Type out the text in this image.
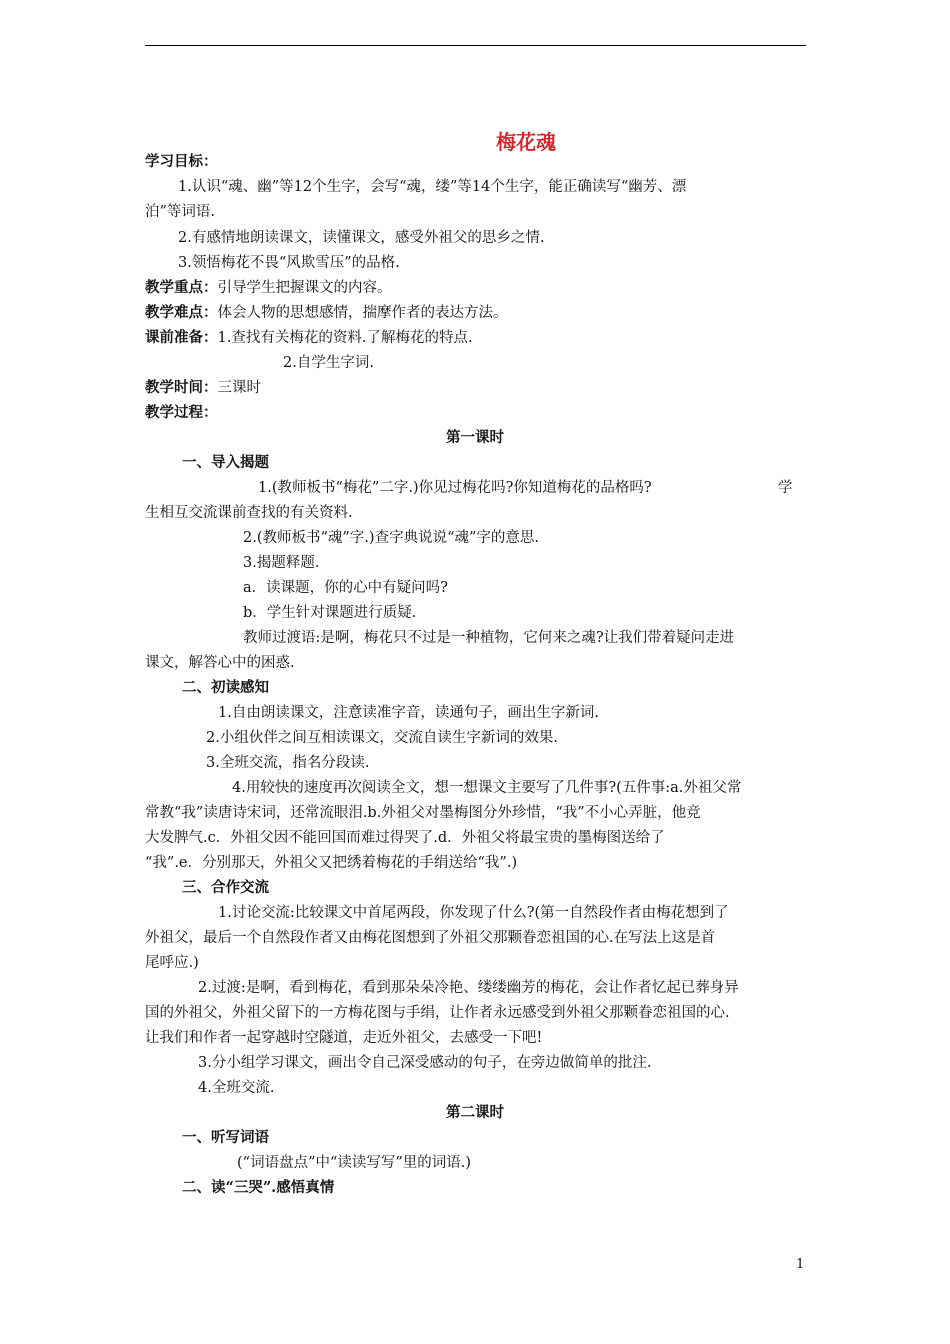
梅花魂
学习目标：
1.认识“魂、幽”等12个生字，会写“魂，缕”等14个生字，能正确读写“幽芳、漂
泊”等词语.
2.有感情地朗读课文，读懂课文，感受外祖父的思乡之情.
3.领悟梅花不畏“风欺雪压”的品格.
教学重点：引导学生把握课文的内容。
教学难点：体会人物的思想感情，揣摩作者的表达方法。
课前准备：1.查找有关梅花的资料.了解梅花的特点.
2.自学生字词.
教学时间：三课时
教学过程：
第一课时
一、导入揭题
1.(教师板书“梅花”二字.)你见过梅花吗?你知道梅花的品格吗?	学
生相互交流课前查找的有关资料.
2.(教师板书“魂”字.)查字典说说“魂”字的意思.
3.揭题释题.
a．读课题，你的心中有疑问吗?
b．学生针对课题进行质疑.
教师过渡语:是啊，梅花只不过是一种植物，它何来之魂?让我们带着疑问走进
课文，解答心中的困惑.
二、初读感知
1.自由朗读课文，注意读准字音，读通句子，画出生字新词.
2.小组伙伴之间互相读课文，交流自读生字新词的效果.
3.全班交流，指名分段读.
4.用较快的速度再次阅读全文，想一想课文主要写了几件事?(五件事:a.外祖父常
常教“我”读唐诗宋词，还常流眼泪.b.外祖父对墨梅图分外珍惜，“我”不小心弄脏，他竞
大发脾气.c．外祖父因不能回国而难过得哭了.d．外祖父将最宝贵的墨梅图送给了
“我”.e．分别那天，外祖父又把绣着梅花的手绢送给“我”.)
三、合作交流
1.讨论交流:比较课文中首尾两段，你发现了什么?(第一自然段作者由梅花想到了
外祖父，最后一个自然段作者又由梅花图想到了外祖父那颗眷恋祖国的心.在写法上这是首
尾呼应.)
2.过渡:是啊，看到梅花，看到那朵朵冷艳、缕缕幽芳的梅花，会让作者忆起已葬身异
国的外祖父，外祖父留下的一方梅花图与手绢，让作者永远感受到外祖父那颗眷恋祖国的心.
让我们和作者一起穿越时空隧道，走近外祖父，去感受一下吧!
3.分小组学习课文，画出令自己深受感动的句子，在旁边做简单的批注.
4.全班交流.
第二课时
一、听写词语
(“词语盘点”中“读读写写”里的词语.)
二、读“三哭”.感悟真情
1
